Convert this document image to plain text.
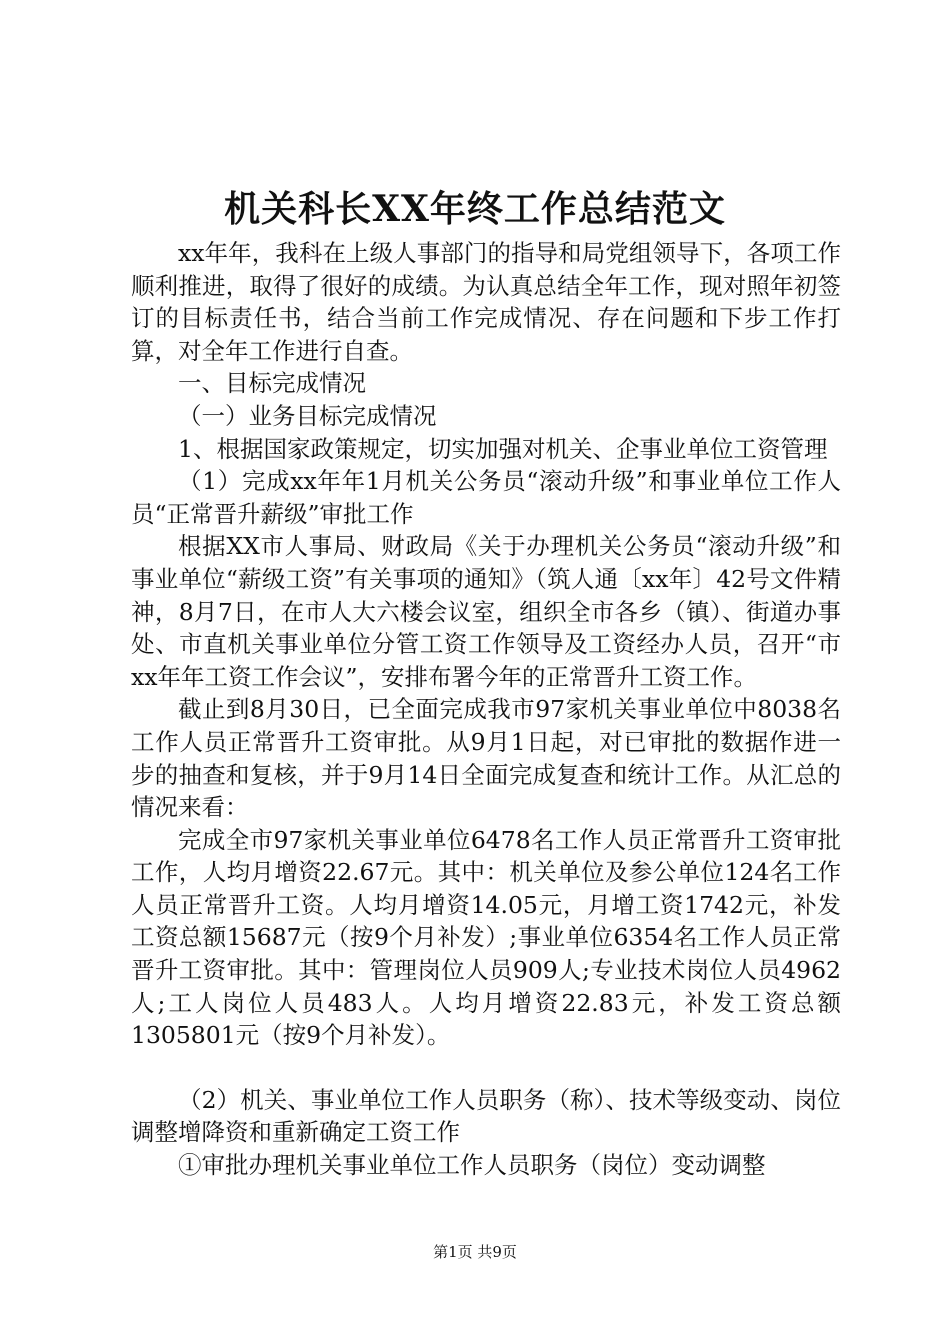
机关科长XX年终工作总结范文

xx年年，我科在上级人事部门的指导和局党组领导下，各项工作顺利推进，取得了很好的成绩。为认真总结全年工作，现对照年初签订的目标责任书，结合当前工作完成情况、存在问题和下步工作打算，对全年工作进行自查。

一、目标完成情况

（一）业务目标完成情况

1、根据国家政策规定，切实加强对机关、企事业单位工资管理

（1）完成xx年年1月机关公务员“滚动升级”和事业单位工作人员“正常晋升薪级”审批工作

根据XX市人事局、财政局《关于办理机关公务员“滚动升级”和事业单位“薪级工资”有关事项的通知》（筑人通〔xx年〕42号文件精神，8月7日，在市人大六楼会议室，组织全市各乡（镇）、街道办事处、市直机关事业单位分管工资工作领导及工资经办人员，召开“市xx年年工资工作会议”，安排布署今年的正常晋升工资工作。

截止到8月30日，已全面完成我市97家机关事业单位中8038名工作人员正常晋升工资审批。从9月1日起，对已审批的数据作进一步的抽查和复核，并于9月14日全面完成复查和统计工作。从汇总的情况来看：

完成全市97家机关事业单位6478名工作人员正常晋升工资审批工作，人均月增资22.67元。其中：机关单位及参公单位124名工作人员正常晋升工资。人均月增资14.05元，月增工资1742元，补发工资总额15687元（按9个月补发）;事业单位6354名工作人员正常晋升工资审批。其中：管理岗位人员909人;专业技术岗位人员4962人;工人岗位人员483人。人均月增资22.83元，补发工资总额1305801元（按9个月补发）。

（2）机关、事业单位工作人员职务（称）、技术等级变动、岗位调整增降资和重新确定工资工作

①审批办理机关事业单位工作人员职务（岗位）变动调整

第1页 共9页
